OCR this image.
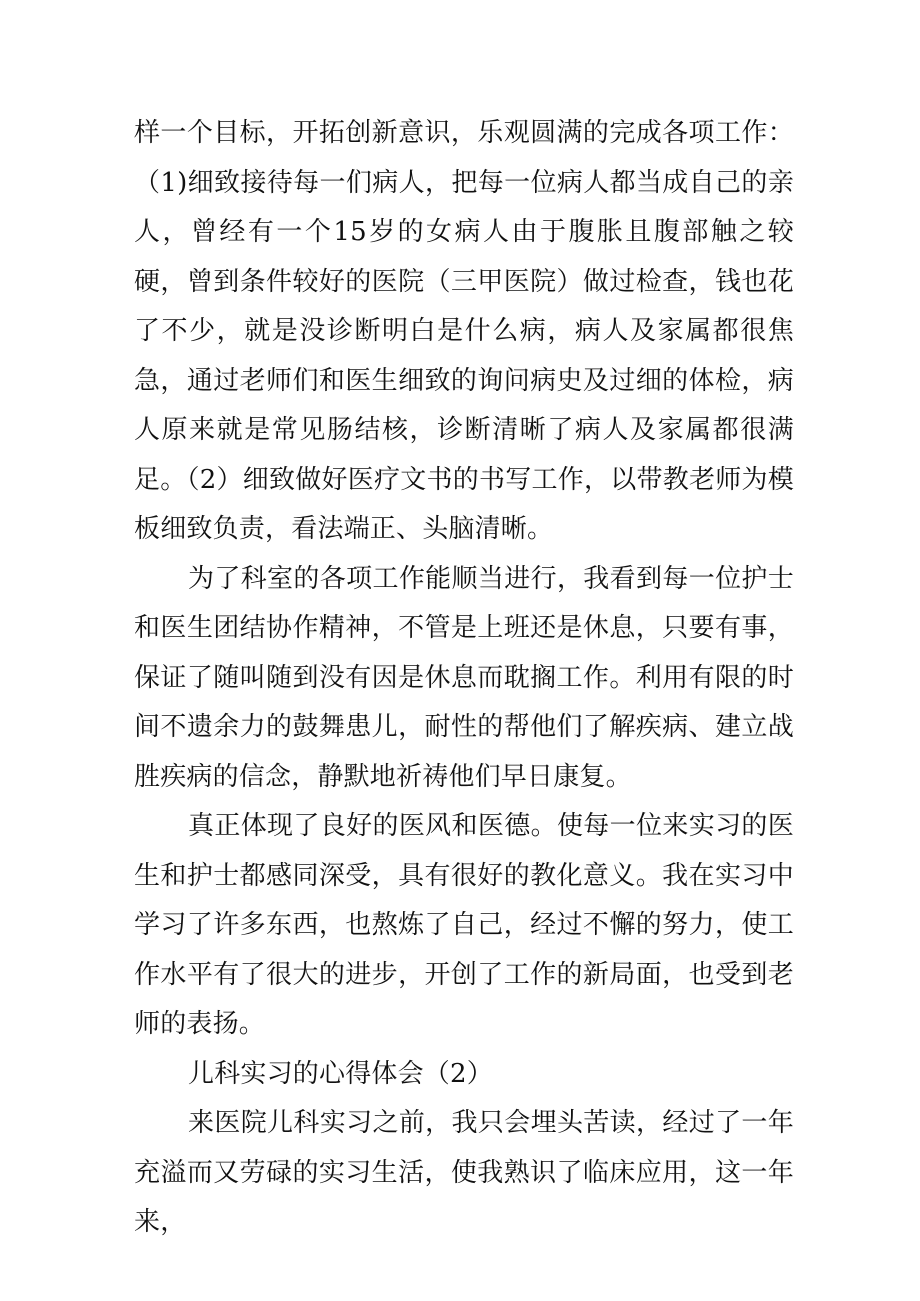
样一个目标，开拓创新意识，乐观圆满的完成各项工作：（1)细致接待每一们病人，把每一位病人都当成自己的亲人，曾经有一个15岁的女病人由于腹胀且腹部触之较硬，曾到条件较好的医院（三甲医院）做过检查，钱也花了不少，就是没诊断明白是什么病，病人及家属都很焦急，通过老师们和医生细致的询问病史及过细的体检，病人原来就是常见肠结核，诊断清晰了病人及家属都很满足。（2）细致做好医疗文书的书写工作，以带教老师为模板细致负责，看法端正、头脑清晰。

为了科室的各项工作能顺当进行，我看到每一位护士和医生团结协作精神，不管是上班还是休息，只要有事，保证了随叫随到没有因是休息而耽搁工作。利用有限的时间不遗余力的鼓舞患儿，耐性的帮他们了解疾病、建立战胜疾病的信念，静默地祈祷他们早日康复。

真正体现了良好的医风和医德。使每一位来实习的医生和护士都感同深受，具有很好的教化意义。我在实习中学习了许多东西，也熬炼了自己，经过不懈的努力，使工作水平有了很大的进步，开创了工作的新局面，也受到老师的表扬。

儿科实习的心得体会（2）

来医院儿科实习之前，我只会埋头苦读，经过了一年充溢而又劳碌的实习生活，使我熟识了临床应用，这一年来，
